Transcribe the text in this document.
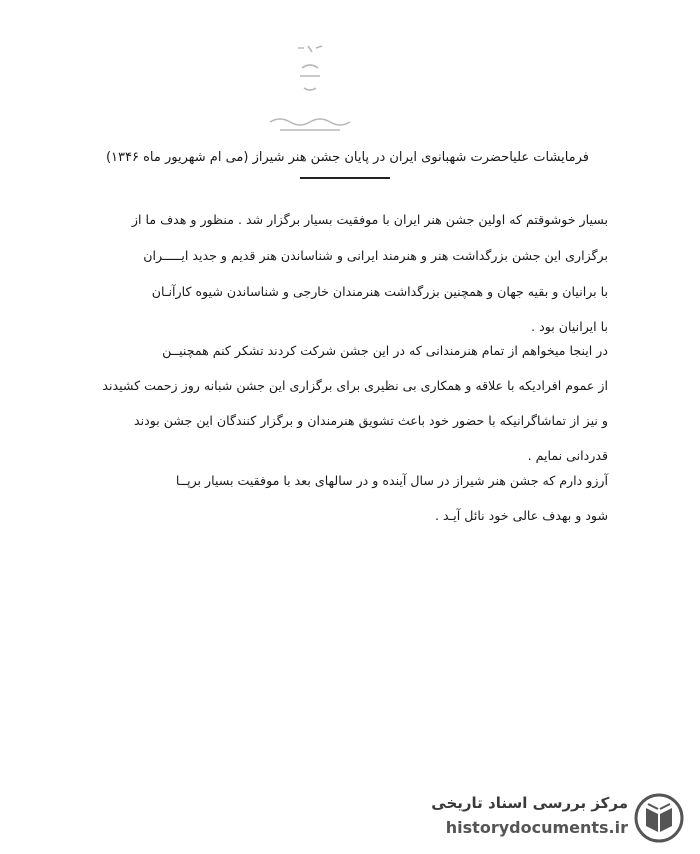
فرمایشات علیاحضرت شهبانوی ایران در پایان جشن هنر شیراز (می ام شهریور ماه ۱۳۴۶)
بسیار خوشوقتم که اولین جشن هنر ایران با موفقیت بسیار برگزار شد . منظور و هدف ما از
برگزاری این جشن بزرگداشت هنر و هنرمند ایرانی و شناساندن هنر قدیم و جدید ایـــــران
با برانیان و بقیه جهان و همچنین بزرگداشت هنرمندان خارجی و شناساندن شیوه کارآنـان
با ایرانیان بود .
در اینجا میخواهم از تمام هنرمندانی که در این جشن شرکت کردند تشکر کنم همچنیــن
از عموم افرادیکه با علاقه و همکاری بی نظیری برای برگزاری این جشن شبانه روز زحمت کشیدند
و نیز از تماشاگرانیکه با حضور خود باعث تشویق هنرمندان و برگزار کنندگان این جشن بودند
قدردانی نمایم .
آرزو دارم که جشن هنر شیراز در سال آینده و در سالهای بعد با موفقیت بسیار برپــا
شود و بهدف عالی خود نائل آیـد .
مرکز بررسی اسناد تاریخی
historydocuments.ir
